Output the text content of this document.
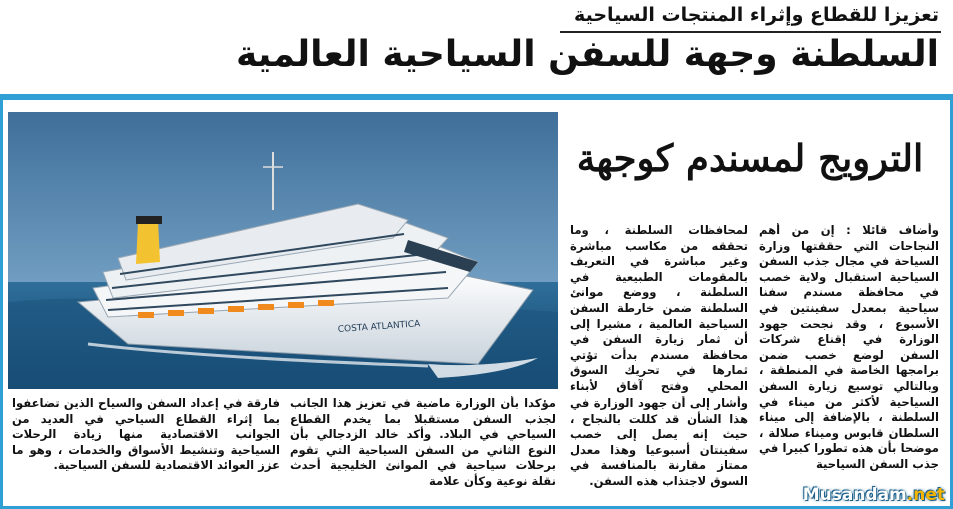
تعزيزا للقطاع وإثراء المنتجات السياحية
السلطنة وجهة للسفن السياحية العالمية
COSTA ATLANTICA
الترويج لمسندم كوجهة
وأضاف قائلا : إن من أهم النجاحات التي حققتها وزارة السياحة في مجال جذب السفن السياحية استقبال ولاية خصب في محافظة مسندم سفنا سياحية بمعدل سفينتين في الأسبوع ، وقد نجحت جهود الوزارة في إقناع شركات السفن لوضع خصب ضمن برامجها الخاصة في المنطقة ، وبالتالي توسيع زيارة السفن السياحية لأكثر من ميناء في السلطنة ، بالإضافة إلى ميناء السلطان قابوس وميناء صلالة ، موضحا بأن هذه تطورا كبيرا في جذب السفن السياحية
لمحافظات السلطنة ، وما تحققه من مكاسب مباشرة وغير مباشرة في التعريف بالمقومات الطبيعية في السلطنة ، ووضع موانئ السلطنة ضمن خارطة السفن السياحية العالمية ، مشيرا إلى أن ثمار زيارة السفن في محافظة مسندم بدأت تؤتي ثمارها في تحريك السوق المحلي وفتح آفاق لأبناء
وأشار إلى أن جهود الوزارة في هذا الشأن قد كللت بالنجاح ، حيث إنه يصل إلى خصب سفينتان أسبوعيا وهذا معدل ممتاز مقارنة بالمنافسة في السوق لاجتذاب هذه السفن.
مؤكدا بأن الوزارة ماضية في تعزيز هذا الجانب لجذب السفن مستقبلا بما يخدم القطاع السياحي في البلاد. وأكد خالد الزدجالي بأن النوع الثاني من السفن السياحية التي تقوم برحلات سياحية في الموانئ الخليجية أحدث نقلة نوعية وكأن علامة
فارقة في إعداد السفن والسياح الذين تضاعفوا بما إثراء القطاع السياحي في العديد من الجوانب الاقتصادية منها زيادة الرحلات السياحية وتنشيط الأسواق والخدمات ، وهو ما عزز العوائد الاقتصادية للسفن السياحية.
Musandam.net
